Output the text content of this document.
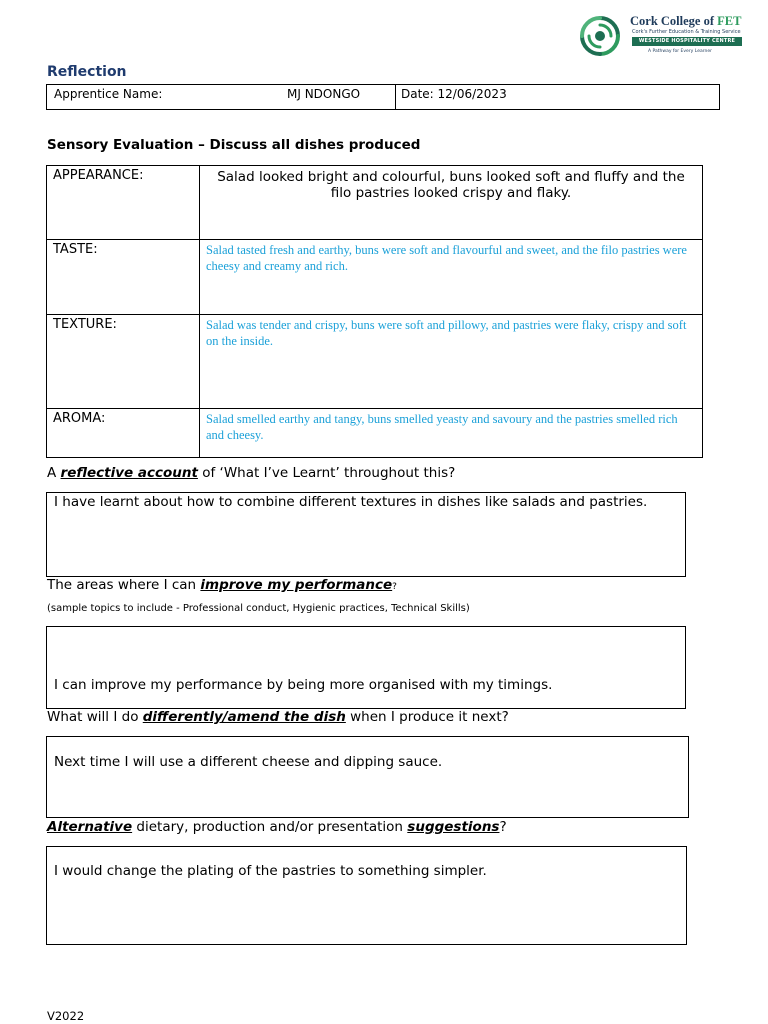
Cork College of FET
Cork's Further Education & Training Service
WESTSIDE HOSPITALITY CENTRE
A Pathway for Every Learner
Reflection
Apprentice Name:	MJ NDONGO	Date: 12/06/2023
Sensory Evaluation – Discuss all dishes produced
APPEARANCE:	Salad looked bright and colourful, buns looked soft and fluffy and the filo pastries looked crispy and flaky.
TASTE:	Salad tasted fresh and earthy, buns were soft and flavourful and sweet, and the filo pastries were cheesy and creamy and rich.
TEXTURE:	Salad was tender and crispy, buns were soft and pillowy, and pastries were flaky, crispy and soft on the inside.
AROMA:	Salad smelled earthy and tangy, buns smelled yeasty and savoury and the pastries smelled rich and cheesy.
A reflective account of ‘What I’ve Learnt’ throughout this?
I have learnt about how to combine different textures in dishes like salads and pastries.
The areas where I can improve my performance?
(sample topics to include - Professional conduct, Hygienic practices, Technical Skills)
I can improve my performance by being more organised with my timings.
What will I do differently/amend the dish when I produce it next?
Next time I will use a different cheese and dipping sauce.
Alternative dietary, production and/or presentation suggestions?
I would change the plating of the pastries to something simpler.
V2022
